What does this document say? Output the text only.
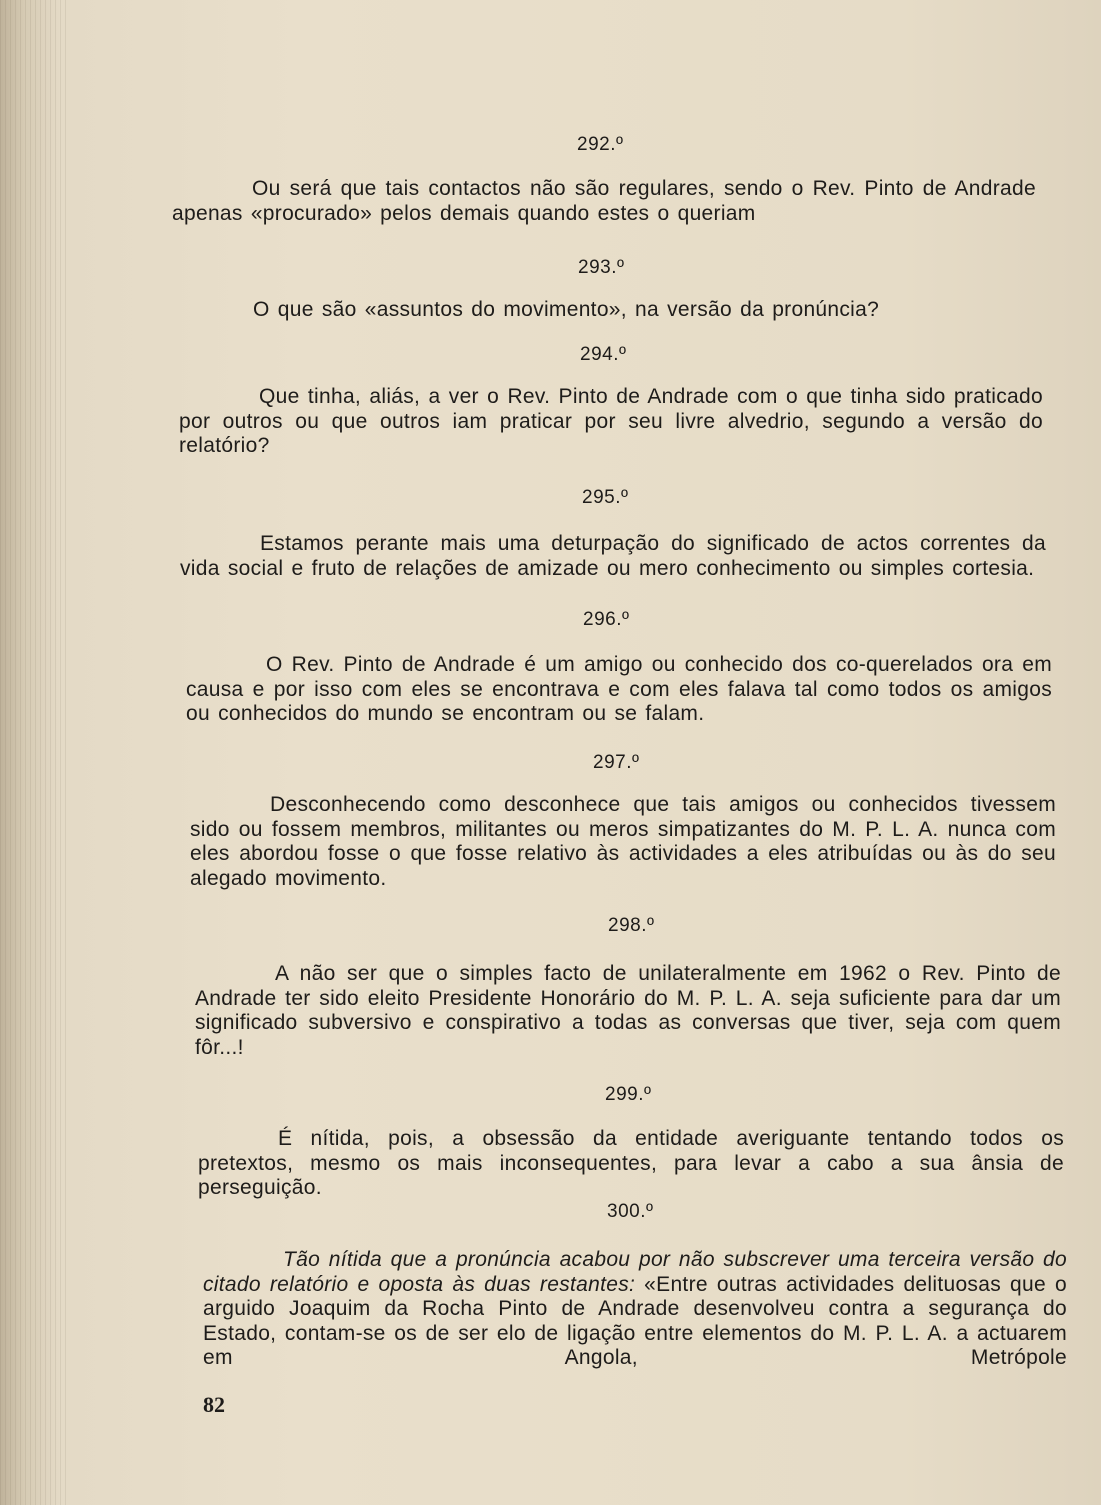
292.º
Ou será que tais contactos não são regulares, sendo o Rev. Pinto de Andrade apenas «procurado» pelos demais quando estes o queriam
293.º
O que são «assuntos do movimento», na versão da pronúncia?
294.º
Que tinha, aliás, a ver o Rev. Pinto de Andrade com o que tinha sido praticado por outros ou que outros iam praticar por seu livre alvedrio, segundo a versão do relatório?
295.º
Estamos perante mais uma deturpação do significado de actos correntes da vida social e fruto de relações de amizade ou mero conhecimento ou simples cortesia.
296.º
O Rev. Pinto de Andrade é um amigo ou conhecido dos co-querelados ora em causa e por isso com eles se encontrava e com eles falava tal como todos os amigos ou conhecidos do mundo se encontram ou se falam.
297.º
Desconhecendo como desconhece que tais amigos ou conhecidos tivessem sido ou fossem membros, militantes ou meros simpatizantes do M. P. L. A. nunca com eles abordou fosse o que fosse relativo às actividades a eles atribuídas ou às do seu alegado movimento.
298.º
A não ser que o simples facto de unilateralmente em 1962 o Rev. Pinto de Andrade ter sido eleito Presidente Honorário do M. P. L. A. seja suficiente para dar um significado subversivo e conspirativo a todas as conversas que tiver, seja com quem fôr...!
299.º
É nítida, pois, a obsessão da entidade averiguante tentando todos os pretextos, mesmo os mais inconsequentes, para levar a cabo a sua ânsia de perseguição.
300.º
Tão nítida que a pronúncia acabou por não subscrever uma terceira versão do citado relatório e oposta às duas restantes: «Entre outras actividades delituosas que o arguido Joaquim da Rocha Pinto de Andrade desenvolveu contra a segurança do Estado, contam-se os de ser elo de ligação entre elementos do M. P. L. A. a actuarem em Angola, Metrópole
82
